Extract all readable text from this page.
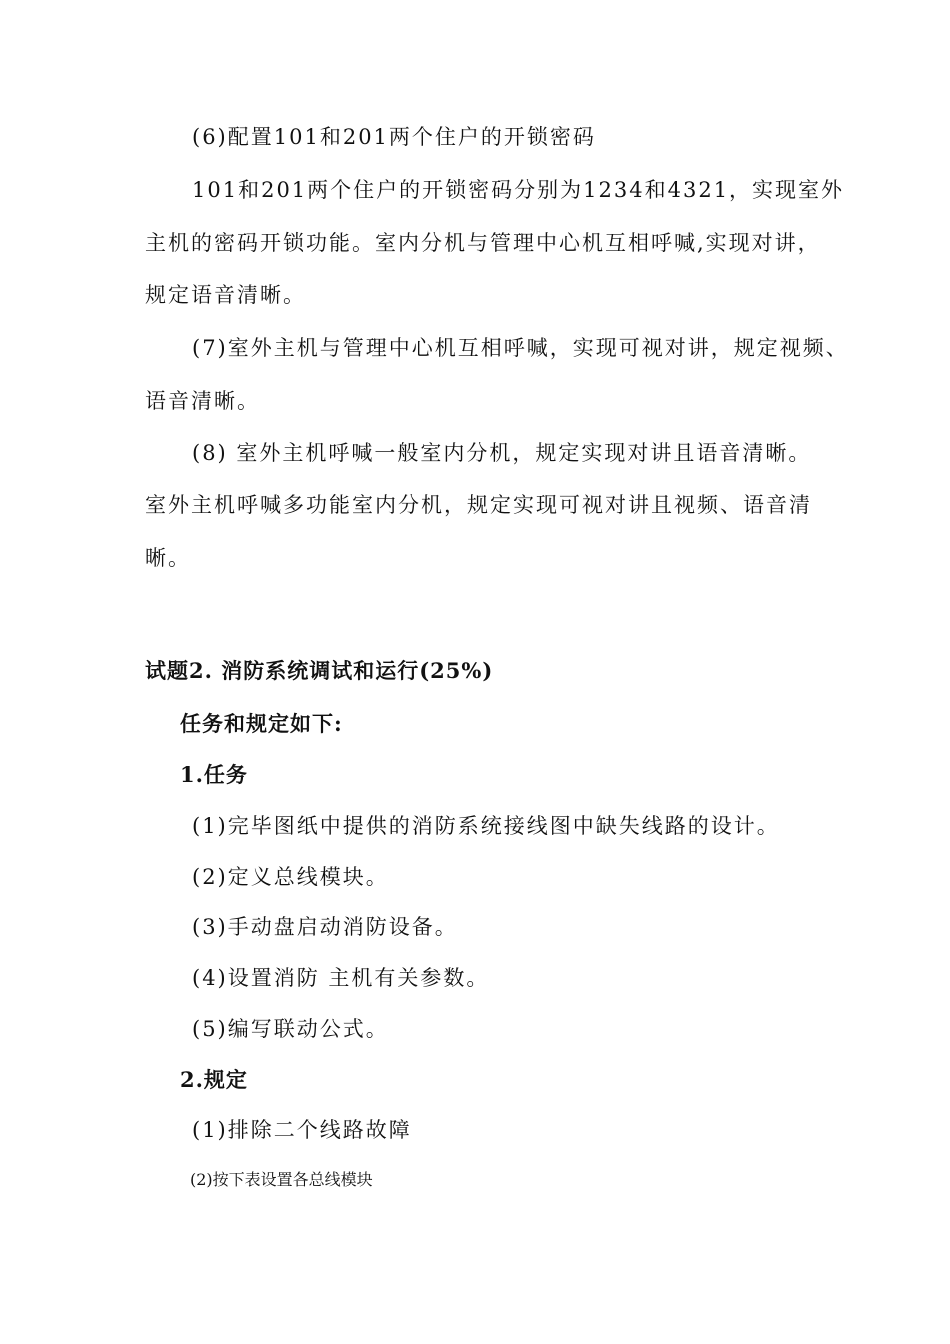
(6)配置101和201两个住户的开锁密码
101和201两个住户的开锁密码分别为1234和4321，实现室外
主机的密码开锁功能。室内分机与管理中心机互相呼喊,实现对讲，
规定语音清晰。
(7)室外主机与管理中心机互相呼喊，实现可视对讲，规定视频、
语音清晰。
(8) 室外主机呼喊一般室内分机，规定实现对讲且语音清晰。
室外主机呼喊多功能室内分机，规定实现可视对讲且视频、语音清
晰。
试题2. 消防系统调试和运行(25%)
任务和规定如下:
1.任务
(1)完毕图纸中提供的消防系统接线图中缺失线路的设计。
(2)定义总线模块。
(3)手动盘启动消防设备。
(4)设置消防 主机有关参数。
(5)编写联动公式。
2.规定
(1)排除二个线路故障
(2)按下表设置各总线模块
